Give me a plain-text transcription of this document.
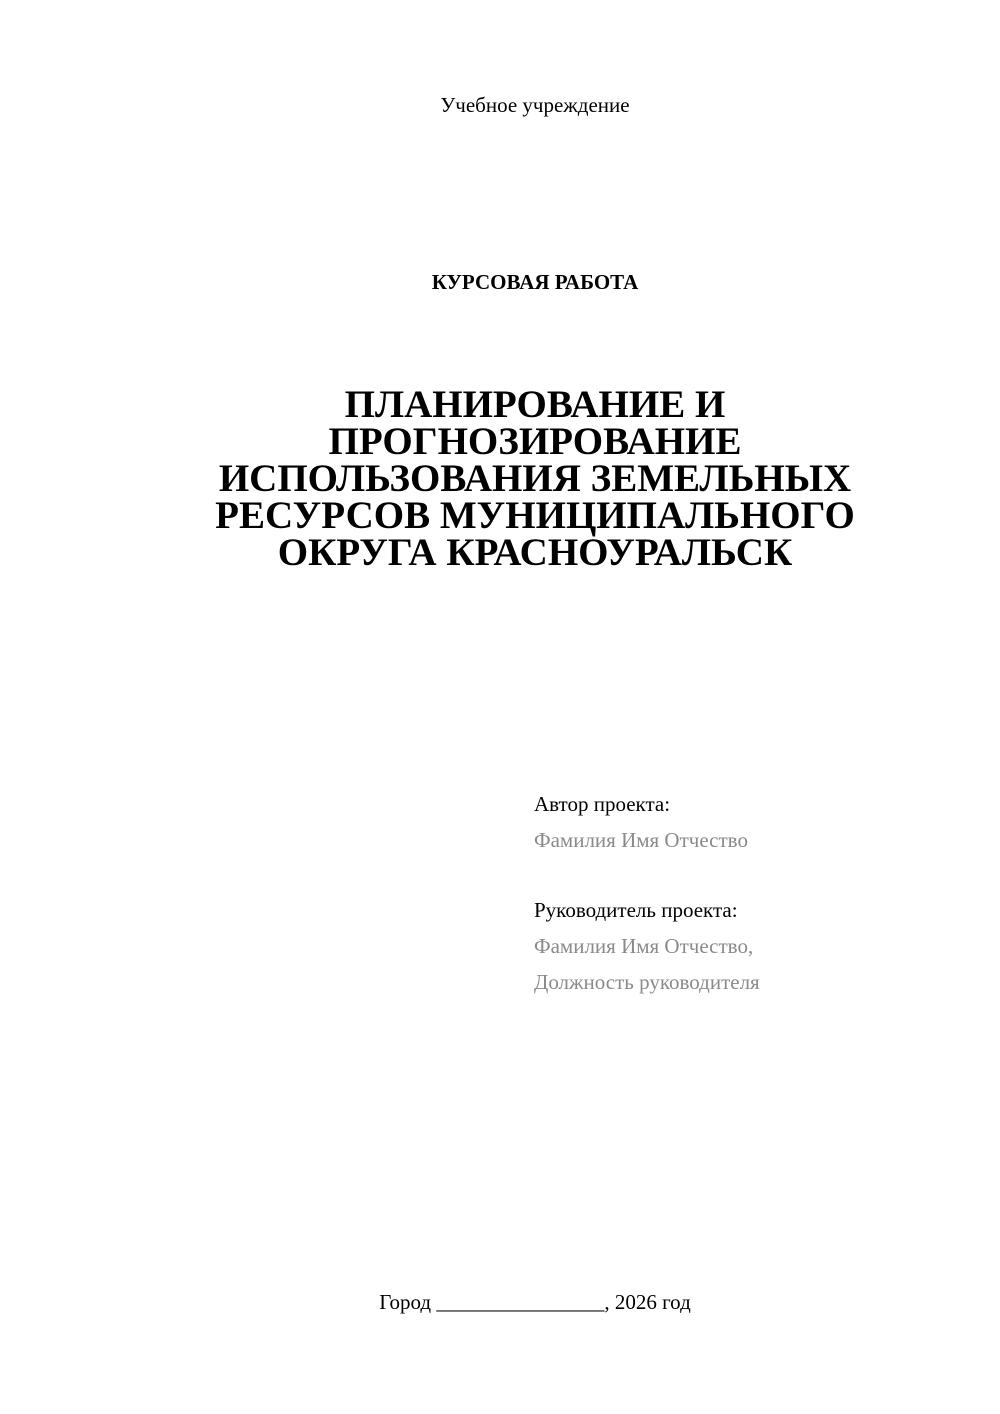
Учебное учреждение
КУРСОВАЯ РАБОТА
ПЛАНИРОВАНИЕ И
ПРОГНОЗИРОВАНИЕ
ИСПОЛЬЗОВАНИЯ ЗЕМЕЛЬНЫХ
РЕСУРСОВ МУНИЦИПАЛЬНОГО
ОКРУГА КРАСНОУРАЛЬСК
Автор проекта:
Фамилия Имя Отчество
Руководитель проекта:
Фамилия Имя Отчество,
Должность руководителя
Город ________________, 2026 год
